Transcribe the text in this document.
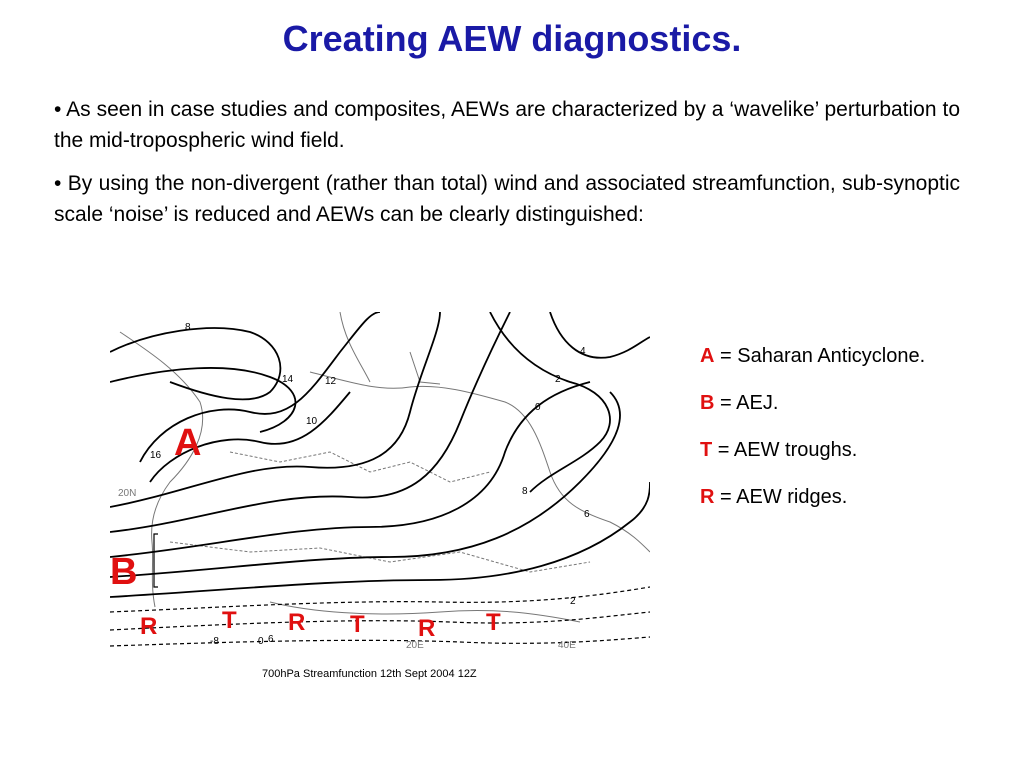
Creating AEW diagnostics.

• As seen in case studies and composites, AEWs are characterized by a ‘wavelike’ perturbation to the mid-tropospheric wind field.

• By using the non-divergent (rather than total) wind and associated streamfunction, sub-synoptic scale ‘noise’ is reduced and AEWs can be clearly distinguished:

8
14	12
10
16
8
6
4
2
0
2
-8	0 6
20N
20E	40E
A
B
R	T R T R T
700hPa Streamfunction 12th Sept 2004 12Z
A = Saharan Anticyclone.
B = AEJ.
T = AEW troughs.
R = AEW ridges.
